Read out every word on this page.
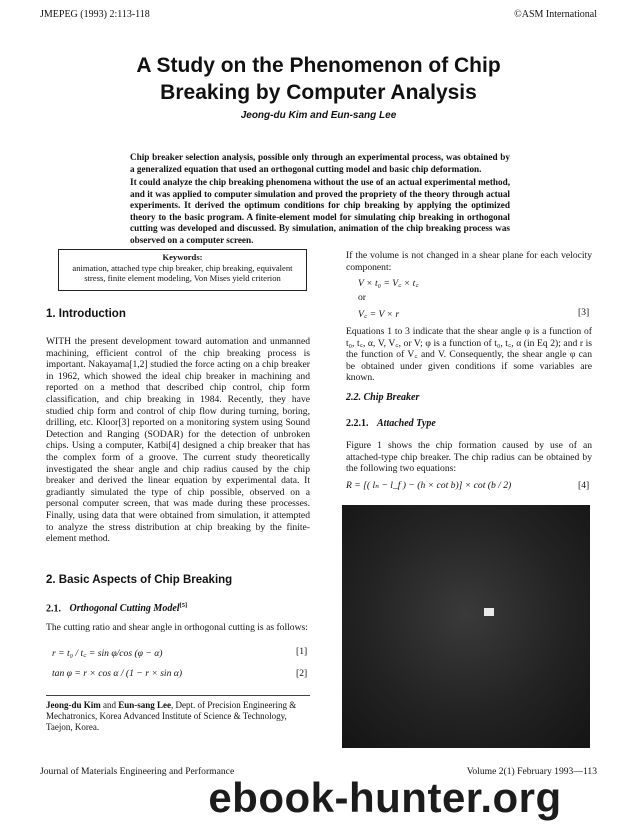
JMEPEG (1993) 2:113-118	©ASM International
A Study on the Phenomenon of Chip
Breaking by Computer Analysis
Jeong-du Kim and Eun-sang Lee
Chip breaker selection analysis, possible only through an experimental process, was obtained by a generalized equation that used an orthogonal cutting model and basic chip deformation.
It could analyze the chip breaking phenomena without the use of an actual experimental method, and it was applied to computer simulation and proved the propriety of the theory through actual experiments. It derived the optimum conditions for chip breaking by applying the optimized theory to the basic program. A finite-element model for simulating chip breaking in orthogonal cutting was developed and discussed. By simulation, animation of the chip breaking process was observed on a computer screen.
Keywords:
animation, attached type chip breaker, chip breaking, equivalent stress, finite element modeling, Von Mises yield criterion
1. Introduction
WITH the present development toward automation and unmanned machining, efficient control of the chip breaking process is important. Nakayama[1,2] studied the force acting on a chip breaker in 1962, which showed the ideal chip breaker in machining and reported on a method that described chip control, chip form classification, and chip breaking in 1984. Recently, they have studied chip form and control of chip flow during turning, boring, drilling, etc. Kloor[3] reported on a monitoring system using Sound Detection and Ranging (SODAR) for the detection of unbroken chips. Using a computer, Katbi[4] designed a chip breaker that has the complex form of a groove. The current study theoretically investigated the shear angle and chip radius caused by the chip breaker and derived the linear equation by experimental data. It gradiantly simulated the type of chip possible, observed on a personal computer screen, that was made during these processes. Finally, using data that were obtained from simulation, it attempted to analyze the stress distribution at chip breaking by the finite-element method.
2. Basic Aspects of Chip Breaking
2.1. Orthogonal Cutting Model[5]
The cutting ratio and shear angle in orthogonal cutting is as follows:
r = t₀ / t꜀ = sin φ/cos (φ − α)	[1]
tan φ = r × cos α / (1 − r × sin α)	[2]
Jeong-du Kim and Eun-sang Lee, Dept. of Precision Engineering & Mechatronics, Korea Advanced Institute of Science & Technology, Taejon, Korea.
If the volume is not changed in a shear plane for each velocity component:
V × t₀ = V꜀ × t꜀
or
V꜀ = V × r	[3]
Equations 1 to 3 indicate that the shear angle φ is a function of t₀, t꜀, α, V, V꜀, or V; φ is a function of t₀, t꜀, α (in Eq 2); and r is the function of V꜀ and V. Consequently, the shear angle φ can be obtained under given conditions if some variables are known.
2.2. Chip Breaker
2.2.1. Attached Type
Figure 1 shows the chip formation caused by use of an attached-type chip breaker. The chip radius can be obtained by the following two equations:
R = [( lₙ − l_f ) − (h × cot b)] × cot (b / 2)	[4]
Journal of Materials Engineering and Performance	Volume 2(1) February 1993—113
ebook-hunter.org
